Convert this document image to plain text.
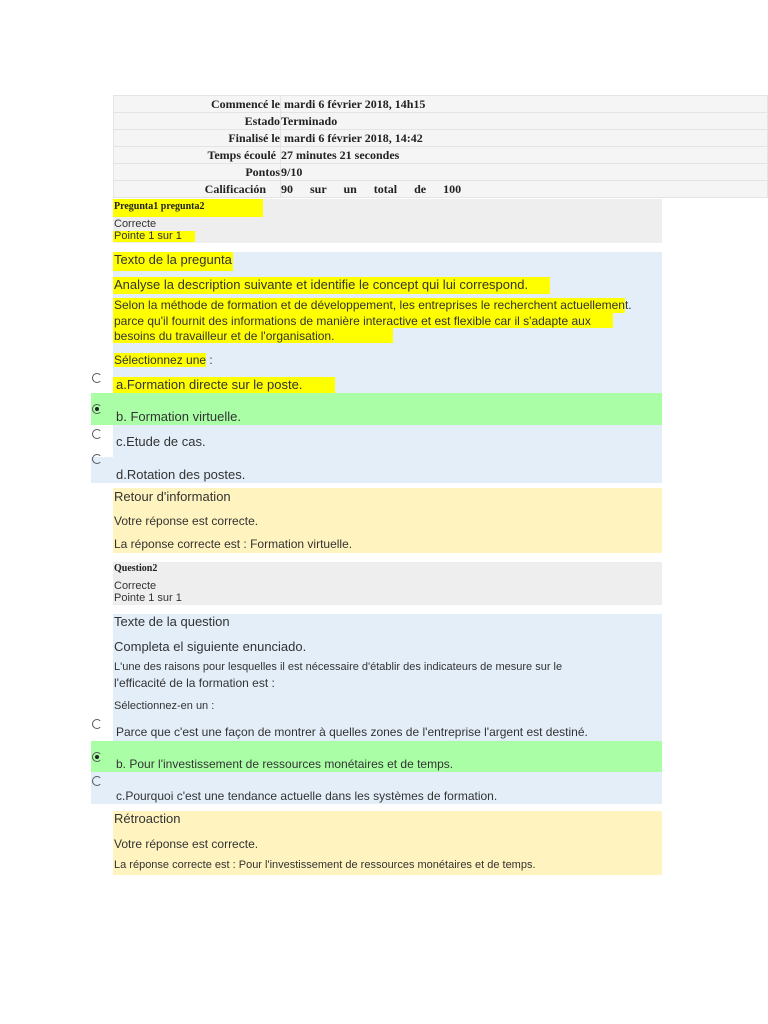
Commencé le	mardi 6 février 2018, 14h15
Estado	Terminado
Finalisé le	mardi 6 février 2018, 14:42
Temps écoulé	27 minutes 21 secondes
Pontos	9/10
Calificación	90 sur un total de 100
Pregunta1 pregunta2
Correcte
Pointe 1 sur 1
Texto de la pregunta
Analyse la description suivante et identifie le concept qui lui correspond.
Selon la méthode de formation et de développement, les entreprises le recherchent actuellement.
parce qu'il fournit des informations de manière interactive et est flexible car il s'adapte aux
besoins du travailleur et de l'organisation.
Sélectionnez une :
a.Formation directe sur le poste.
b. Formation virtuelle.
c.Etude de cas.
d.Rotation des postes.
Retour d'information
Votre réponse est correcte.
La réponse correcte est : Formation virtuelle.
Question2
Correcte
Pointe 1 sur 1
Texte de la question
Completa el siguiente enunciado.
L'une des raisons pour lesquelles il est nécessaire d'établir des indicateurs de mesure sur le
l'efficacité de la formation est :
Sélectionnez-en un :
Parce que c'est une façon de montrer à quelles zones de l'entreprise l'argent est destiné.
b. Pour l'investissement de ressources monétaires et de temps.
c.Pourquoi c'est une tendance actuelle dans les systèmes de formation.
Rétroaction
Votre réponse est correcte.
La réponse correcte est : Pour l'investissement de ressources monétaires et de temps.
